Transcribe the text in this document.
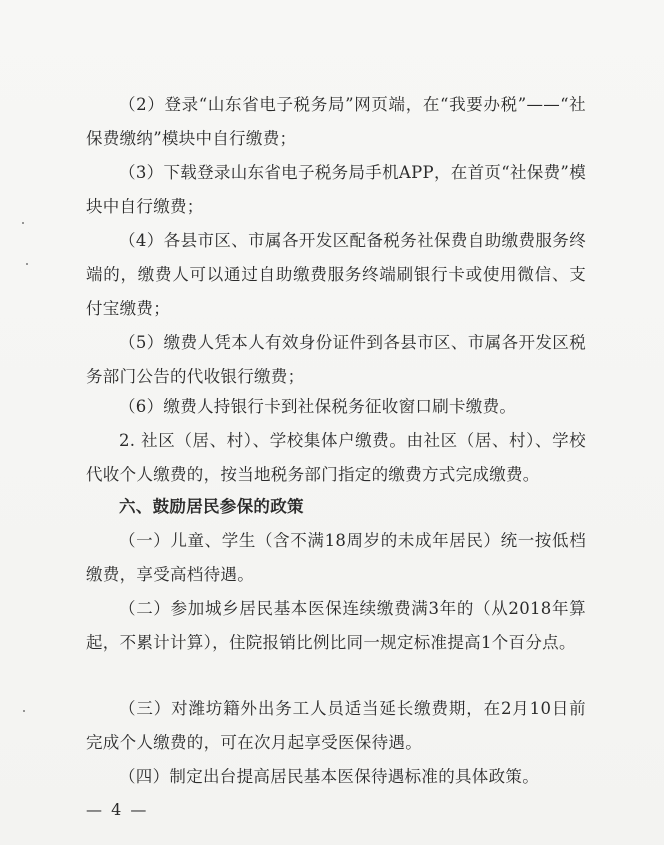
（2）登录“山东省电子税务局”网页端，在“我要办税”——“社保费缴纳”模块中自行缴费；

（3）下载登录山东省电子税务局手机APP，在首页“社保费”模块中自行缴费；

（4）各县市区、市属各开发区配备税务社保费自助缴费服务终端的，缴费人可以通过自助缴费服务终端刷银行卡或使用微信、支付宝缴费；

（5）缴费人凭本人有效身份证件到各县市区、市属各开发区税务部门公告的代收银行缴费；

（6）缴费人持银行卡到社保税务征收窗口刷卡缴费。

2. 社区（居、村）、学校集体户缴费。由社区（居、村）、学校代收个人缴费的，按当地税务部门指定的缴费方式完成缴费。

六、鼓励居民参保的政策

（一）儿童、学生（含不满18周岁的未成年居民）统一按低档缴费，享受高档待遇。

（二）参加城乡居民基本医保连续缴费满3年的（从2018年算起，不累计计算），住院报销比例比同一规定标准提高1个百分点。

（三）对潍坊籍外出务工人员适当延长缴费期，在2月10日前完成个人缴费的，可在次月起享受医保待遇。

（四）制定出台提高居民基本医保待遇标准的具体政策。

— 4 —
